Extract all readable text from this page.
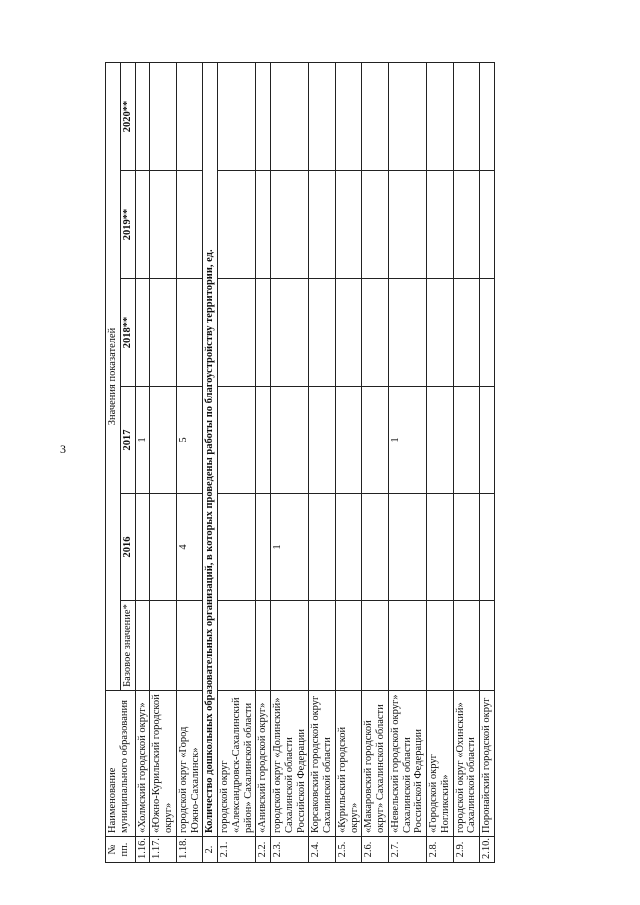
3
№ пп.	Наименование муниципального образования	Значения показателей					
		Базовое значение*	2016	2017	2018**	2019**	2020**
1.16.	«Холмский городской округ»			1			
1.17.	«Южно-Курильский городской округ»						
1.18.	городской округ «Город Южно-Сахалинск»		4	5			
2.	Количество дошкольных образовательных организаций, в которых проведены работы по благоустройству территории, ед.						
2.1.	городской округ «Александровск-Сахалинский район» Сахалинской области						
2.2.	«Анивский городской округ»						
2.3.	городской округ «Долинский» Сахалинской области Российской Федерации		1				
2.4.	Корсаковский городской округ Сахалинской области						
2.5.	«Курильский городской округ»						
2.6.	«Макаровский городской округ» Сахалинской области						
2.7.	«Невельский городской округ» Сахалинской области Российской Федерации			1			
2.8.	«Городской округ Ногликский»						
2.9.	городской округ «Охинский» Сахалинской области						
2.10.	Поронайский городской округ						
